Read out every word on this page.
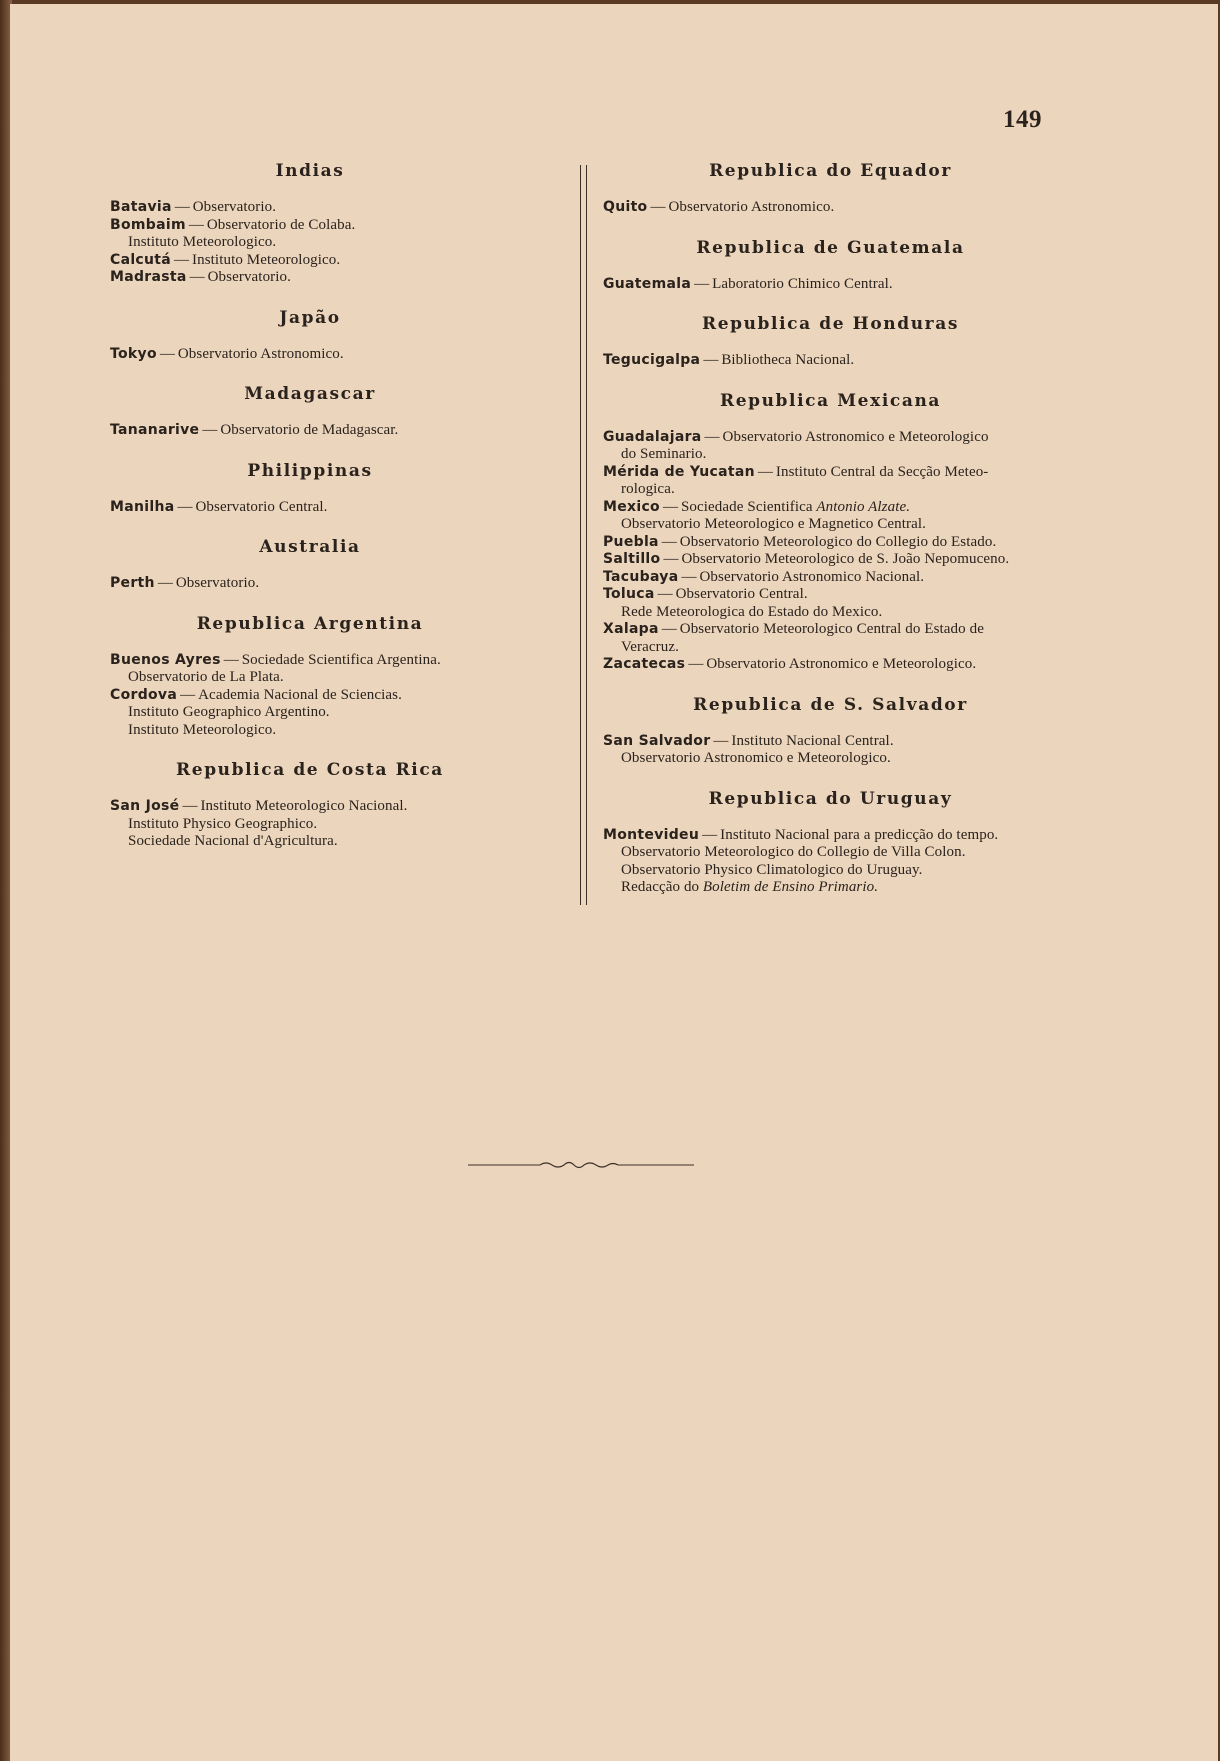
149
Indias
Batavia — Observatorio.
Bombaim — Observatorio de Colaba.
Instituto Meteorologico.
Calcutá — Instituto Meteorologico.
Madrasta — Observatorio.
Japão
Tokyo — Observatorio Astronomico.
Madagascar
Tananarive — Observatorio de Madagascar.
Philippinas
Manilha — Observatorio Central.
Australia
Perth — Observatorio.
Republica Argentina
Buenos Ayres — Sociedade Scientifica Argentina.
Observatorio de La Plata.
Cordova — Academia Nacional de Sciencias.
Instituto Geographico Argentino.
Instituto Meteorologico.
Republica de Costa Rica
San José — Instituto Meteorologico Nacional.
Instituto Physico Geographico.
Sociedade Nacional d'Agricultura.
Republica do Equador
Quito — Observatorio Astronomico.
Republica de Guatemala
Guatemala — Laboratorio Chimico Central.
Republica de Honduras
Tegucigalpa — Bibliotheca Nacional.
Republica Mexicana
Guadalajara — Observatorio Astronomico e Meteorologico
do Seminario.
Mérida de Yucatan — Instituto Central da Secção Meteo-
rologica.
Mexico — Sociedade Scientifica Antonio Alzate.
Observatorio Meteorologico e Magnetico Central.
Puebla — Observatorio Meteorologico do Collegio do Estado.
Saltillo — Observatorio Meteorologico de S. João Nepomuceno.
Tacubaya — Observatorio Astronomico Nacional.
Toluca — Observatorio Central.
Rede Meteorologica do Estado do Mexico.
Xalapa — Observatorio Meteorologico Central do Estado de
Veracruz.
Zacatecas — Observatorio Astronomico e Meteorologico.
Republica de S. Salvador
San Salvador — Instituto Nacional Central.
Observatorio Astronomico e Meteorologico.
Republica do Uruguay
Montevideu — Instituto Nacional para a predicção do tempo.
Observatorio Meteorologico do Collegio de Villa Colon.
Observatorio Physico Climatologico do Uruguay.
Redacção do Boletim de Ensino Primario.
